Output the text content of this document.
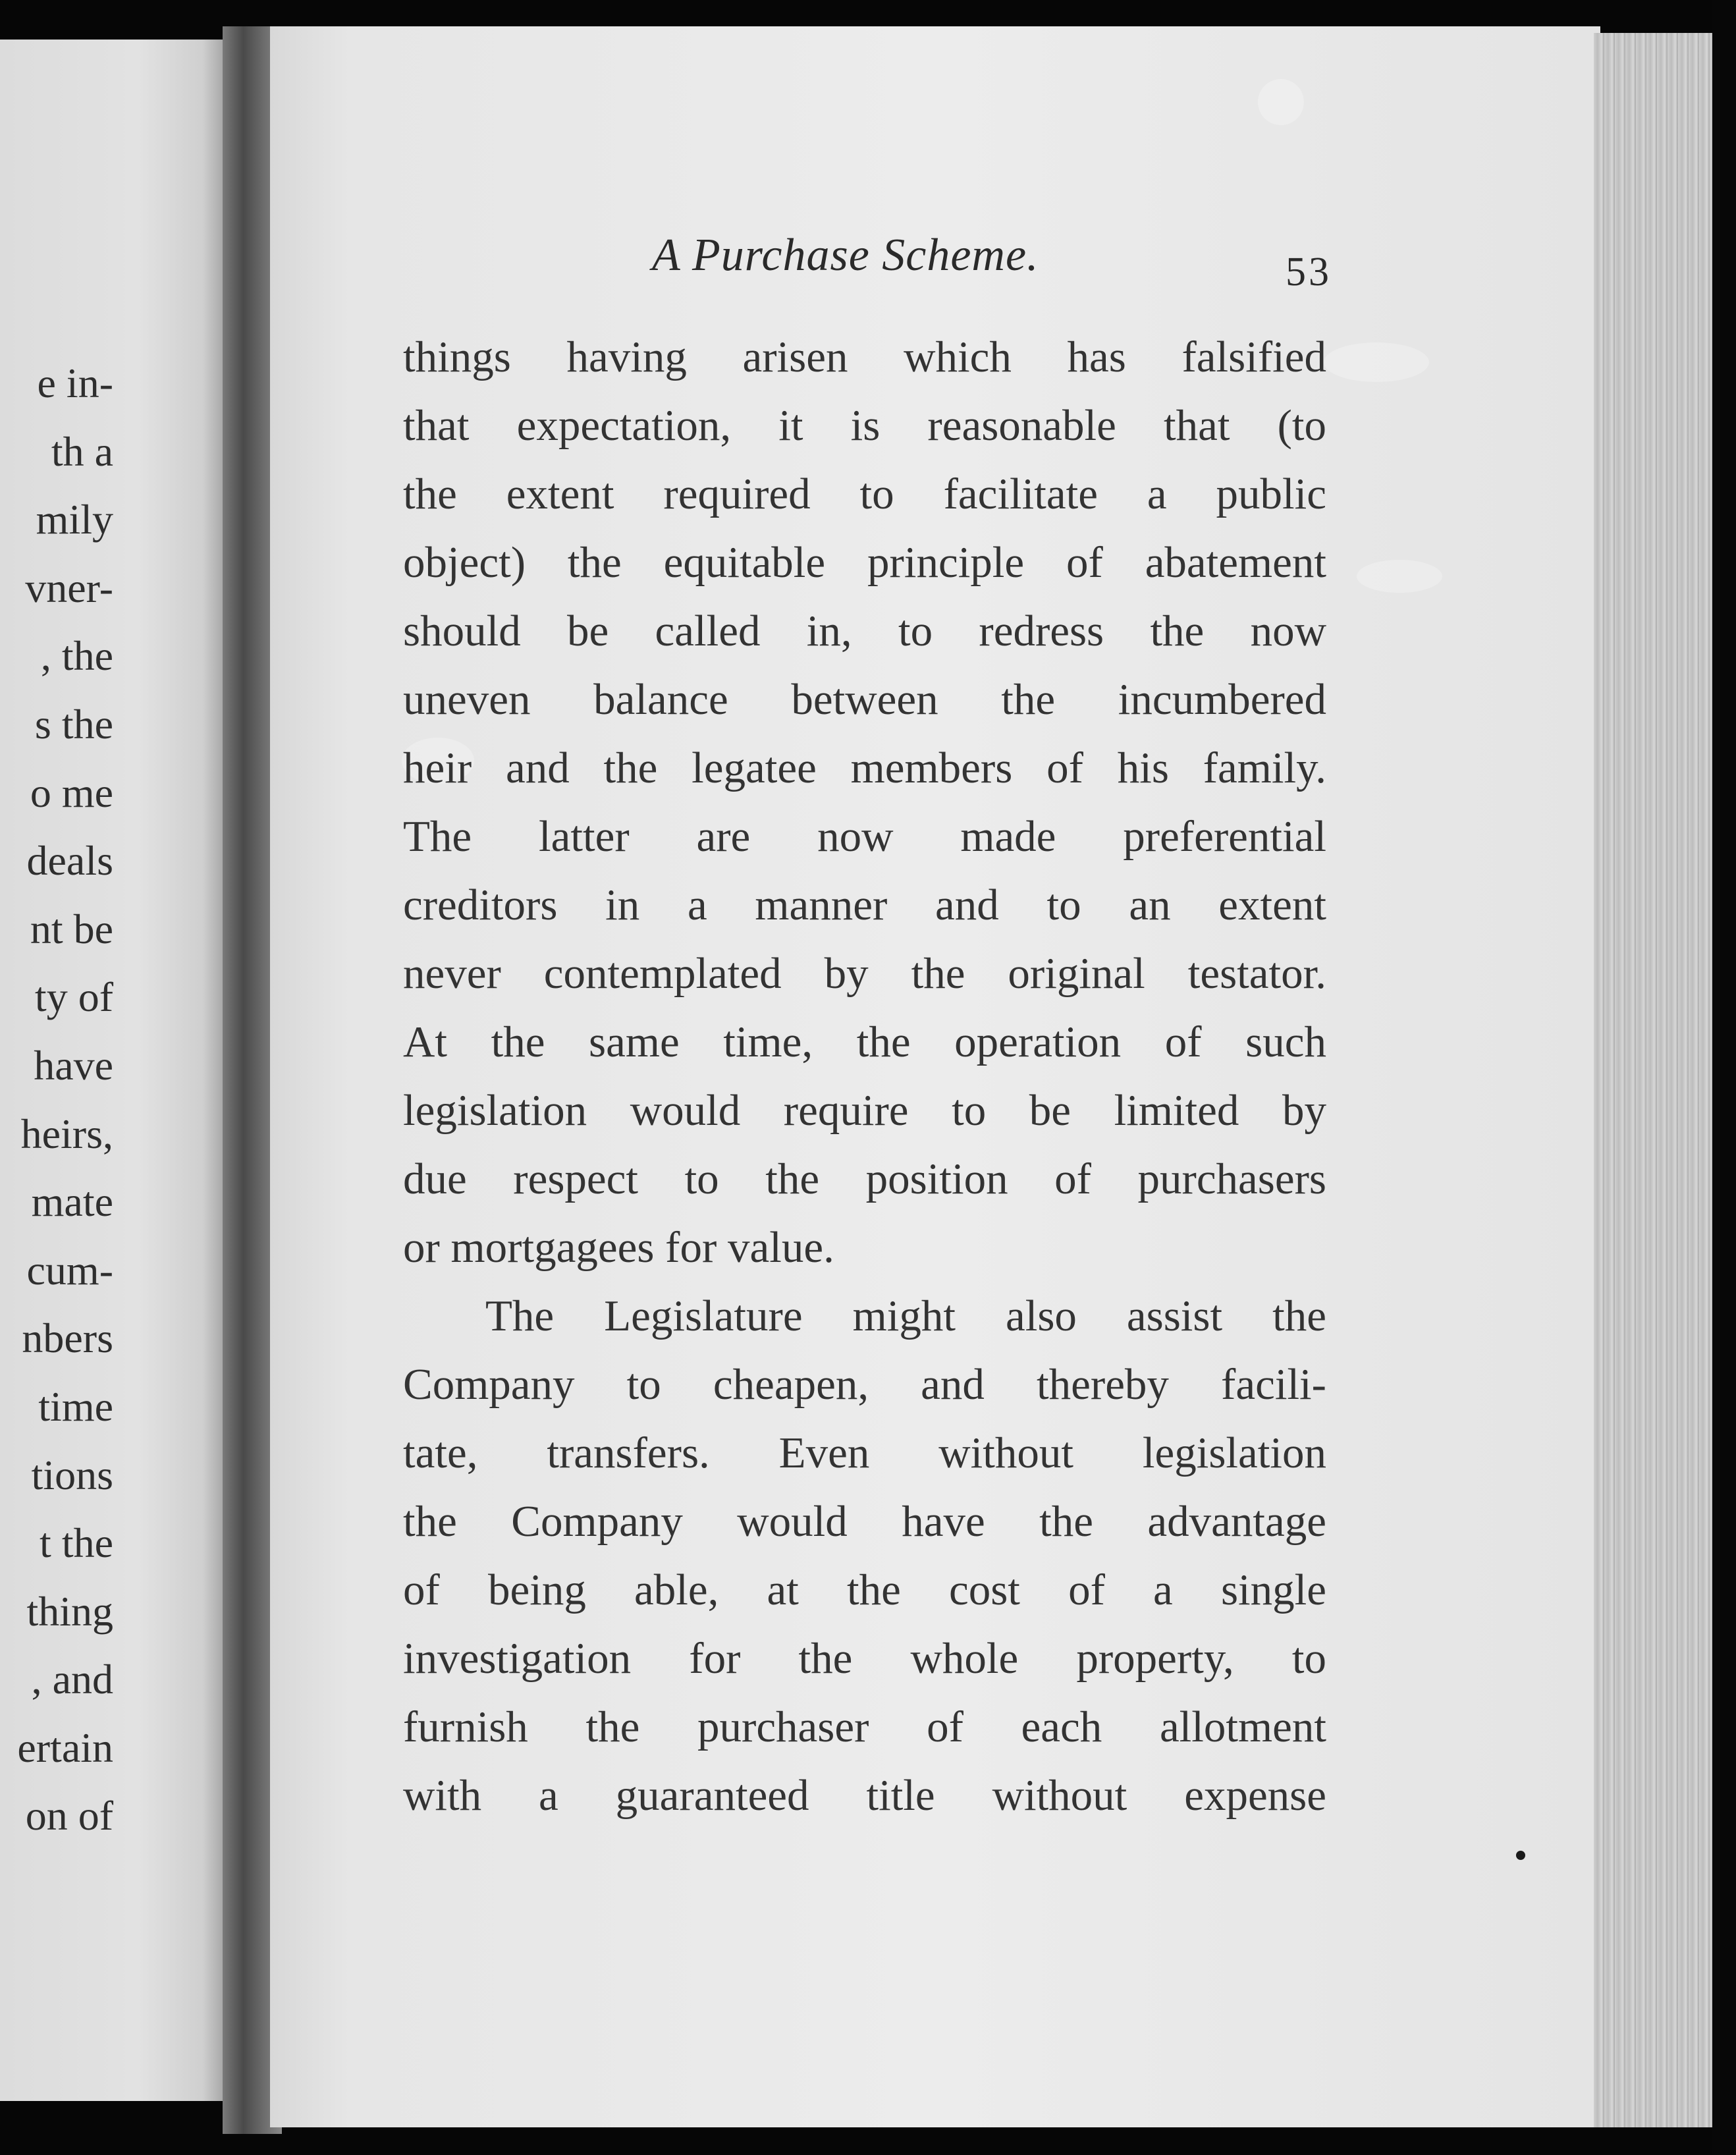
e in-
th a
mily
vner-
, the
s the
o me
deals
nt be
ty of
have
heirs,
mate
cum-
nbers
time
tions
t the
thing
, and
ertain
on of
A Purchase Scheme.	53
things having arisen which has falsified
that expectation, it is reasonable that (to
the extent required to facilitate a public
object) the equitable principle of abatement
should be called in, to redress the now
uneven balance between the incumbered
heir and the legatee members of his family.
The latter are now made preferential
creditors in a manner and to an extent
never contemplated by the original testator.
At the same time, the operation of such
legislation would require to be limited by
due respect to the position of purchasers
or mortgagees for value.
The Legislature might also assist the
Company to cheapen, and thereby facili-
tate, transfers. Even without legislation
the Company would have the advantage
of being able, at the cost of a single
investigation for the whole property, to
furnish the purchaser of each allotment
with a guaranteed title without expense
